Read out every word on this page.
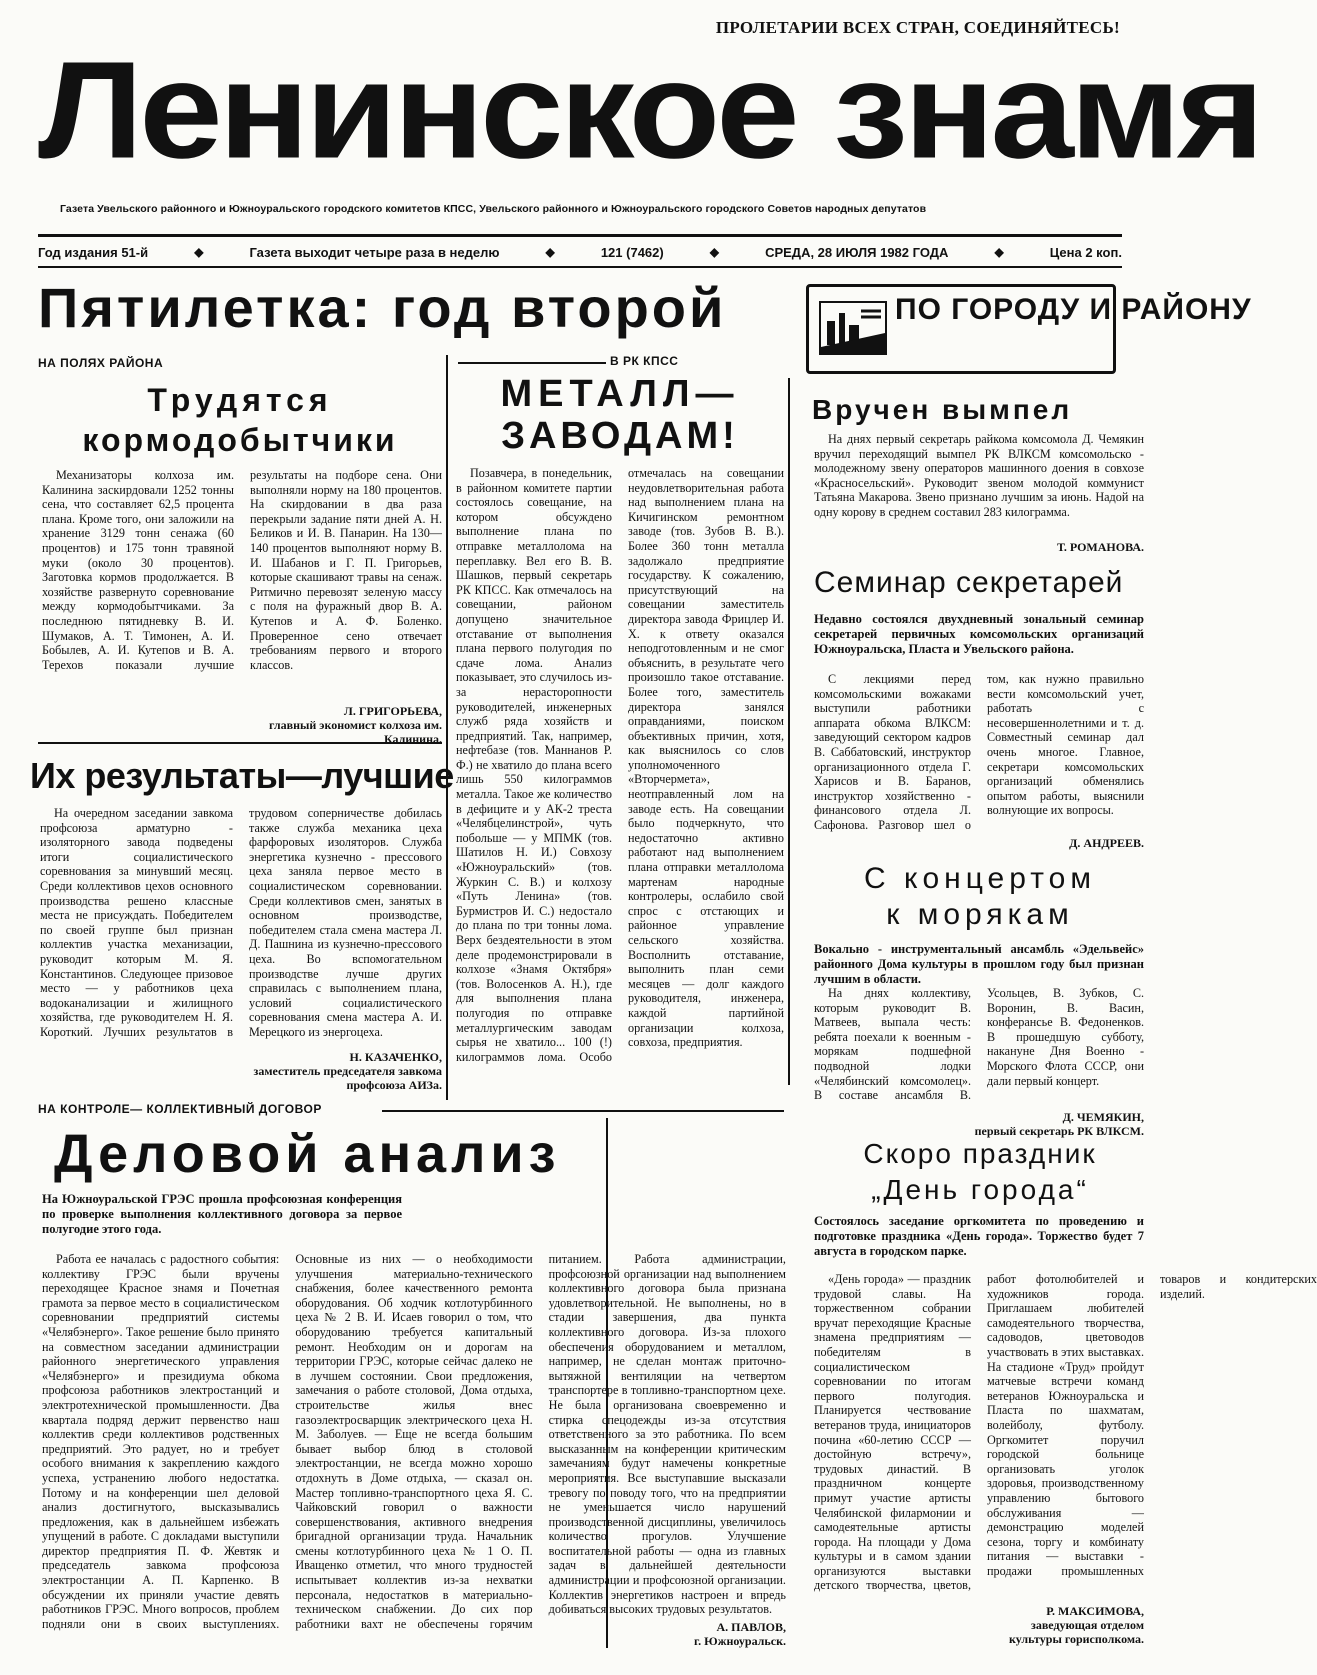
ПРОЛЕТАРИИ ВСЕХ СТРАН, СОЕДИНЯЙТЕСЬ!
Ленинское знамя
Газета Увельского районного и Южноуральского городского комитетов КПСС, Увельского районного и Южноуральского городского Советов народных депутатов
Год издания 51-й	◆	Газета выходит четыре раза в неделю	◆	121 (7462)	◆	СРЕДА, 28 ИЮЛЯ 1982 ГОДА	◆	Цена 2 коп.
Пятилетка: год второй	ПО ГОРОДУ И РАЙОНУ
НА ПОЛЯХ РАЙОНА
Трудятся
кормодобытчики

Механизаторы колхоза им. Калинина заскирдовали 1252 тонны сена, что составляет 62,5 процента плана. Кроме того, они заложили на хранение 3129 тонн сенажа (60 процентов) и 175 тонн травяной муки (около 30 процентов). Заготовка кормов продолжается. В хозяйстве развернуто соревнование между кормодобытчиками. За последнюю пятидневку В. И. Шумаков, А. Т. Тимонен, А. И. Бобылев, А. И. Кутепов и В. А. Терехов показали лучшие результаты на подборе сена. Они выполняли норму на 180 процентов. На скирдовании в два раза перекрыли задание пяти дней А. Н. Беликов и И. В. Панарин. На 130—140 процентов выполняют норму В. И. Шабанов и Г. П. Григорьев, которые скашивают травы на сенаж. Ритмично перевозят зеленую массу с поля на фуражный двор В. А. Кутепов и А. Ф. Боленко. Проверенное сено отвечает требованиям первого и второго классов.

Л. ГРИГОРЬЕВА,
главный экономист колхоза им. Калинина.
Их результаты—лучшие

На очередном заседании завкома профсоюза арматурно - изоляторного завода подведены итоги социалистического соревнования за минувший месяц. Среди коллективов цехов основного производства решено классные места не присуждать. Победителем по своей группе был признан коллектив участка механизации, руководит которым М. Я. Константинов. Следующее призовое место — у работников цеха водоканализации и жилищного хозяйства, где руководителем Н. Я. Короткий. Лучших результатов в трудовом соперничестве добилась также служба механика цеха фарфоровых изоляторов. Служба энергетика кузнечно - прессового цеха заняла первое место в социалистическом соревновании. Среди коллективов смен, занятых в основном производстве, победителем стала смена мастера Л. Д. Пашнина из кузнечно-прессового цеха. Во вспомогательном производстве лучше других справилась с выполнением плана, условий социалистического соревнования смена мастера А. И. Мерецкого из энергоцеха.

Н. КАЗАЧЕНКО,
заместитель председателя завкома профсоюза АИЗа.
В РК КПСС
МЕТАЛЛ—
ЗАВОДАМ!

Позавчера, в понедельник, в районном комитете партии состоялось совещание, на котором обсуждено выполнение плана по отправке металлолома на переплавку. Вел его В. В. Шашков, первый секретарь РК КПСС. Как отмечалось на совещании, районом допущено значительное отставание от выполнения плана первого полугодия по сдаче лома. Анализ показывает, это случилось из-за нерасторопности руководителей, инженерных служб ряда хозяйств и предприятий. Так, например, нефтебазе (тов. Маннанов Р. Ф.) не хватило до плана всего лишь 550 килограммов металла. Такое же количество в дефиците и у АК-2 треста «Челябцелинстрой», чуть побольше — у МПМК (тов. Шатилов Н. И.) Совхозу «Южноуральский» (тов. Журкин С. В.) и колхозу «Путь Ленина» (тов. Бурмистров И. С.) недостало до плана по три тонны лома. Верх бездеятельности в этом деле продемонстрировали в колхозе «Знамя Октября» (тов. Волосенков А. Н.), где для выполнения плана полугодия по отправке металлургическим заводам сырья не хватило... 100 (!) килограммов лома. Особо отмечалась на совещании неудовлетворительная работа над выполнением плана на Кичигинском ремонтном заводе (тов. Зубов В. В.). Более 360 тонн металла задолжало предприятие государству. К сожалению, присутствующий на совещании заместитель директора завода Фрицлер И. Х. к ответу оказался неподготовленным и не смог объяснить, в результате чего произошло такое отставание. Более того, заместитель директора занялся оправданиями, поиском объективных причин, хотя, как выяснилось со слов уполномоченного «Вторчермета», неотправленный лом на заводе есть. На совещании было подчеркнуто, что недостаточно активно работают над выполнением плана отправки металлолома мартенам народные контролеры, ослабило свой спрос с отстающих и районное управление сельского хозяйства. Восполнить отставание, выполнить план семи месяцев — долг каждого руководителя, инженера, каждой партийной организации колхоза, совхоза, предприятия.

Вручен вымпел

На днях первый секретарь райкома комсомола Д. Чемякин вручил переходящий вымпел РК ВЛКСМ комсомольско - молодежному звену операторов машинного доения в совхозе «Красносельский». Руководит звеном молодой коммунист Татьяна Макарова. Звено признано лучшим за июнь. Надой на одну корову в среднем составил 283 килограмма.

Т. РОМАНОВА.
Семинар секретарей
Недавно состоялся двухдневный зональный семинар секретарей первичных комсомольских организаций Южноуральска, Пласта и Увельского района.

С лекциями перед комсомольскими вожаками выступили работники аппарата обкома ВЛКСМ: заведующий сектором кадров В. Саббатовский, инструктор организационного отдела Г. Харисов и В. Баранов, инструктор хозяйственно - финансового отдела Л. Сафонова. Разговор шел о том, как нужно правильно вести комсомольский учет, работать с несовершеннолетними и т. д. Совместный семинар дал очень многое. Главное, секретари комсомольских организаций обменялись опытом работы, выяснили волнующие их вопросы.

Д. АНДРЕЕВ.
С концертом
к морякам
Вокально - инструментальный ансамбль «Эдельвейс» районного Дома культуры в прошлом году был признан лучшим в области.

На днях коллективу, которым руководит В. Матвеев, выпала честь: ребята поехали к военным - морякам подшефной подводной лодки «Челябинский комсомолец». В составе ансамбля В. Усольцев, В. Зубков, С. Воронин, В. Васин, конферансье В. Федоненков. В прошедшую субботу, накануне Дня Военно - Морского Флота СССР, они дали первый концерт.

Д. ЧЕМЯКИН,
первый секретарь РК ВЛКСМ.
НА КОНТРОЛЕ— КОЛЛЕКТИВНЫЙ ДОГОВОР
Деловой анализ
На Южноуральской ГРЭС прошла профсоюзная конференция по проверке выполнения коллективного договора за первое полугодие этого года.

Работа ее началась с радостного события: коллективу ГРЭС были вручены переходящее Красное знамя и Почетная грамота за первое место в социалистическом соревновании предприятий системы «Челябэнерго». Такое решение было принято на совместном заседании администрации районного энергетического управления «Челябэнерго» и президиума обкома профсоюза работников электростанций и электротехнической промышленности. Два квартала подряд держит первенство наш коллектив среди коллективов родственных предприятий. Это радует, но и требует особого внимания к закреплению каждого успеха, устранению любого недостатка. Потому и на конференции шел деловой анализ достигнутого, высказывались предложения, как в дальнейшем избежать упущений в работе. С докладами выступили директор предприятия П. Ф. Жевтяк и председатель завкома профсоюза электростанции А. П. Карпенко. В обсуждении их приняли участие девять работников ГРЭС. Много вопросов, проблем подняли они в своих выступлениях. Основные из них — о необходимости улучшения материально-технического снабжения, более качественного ремонта оборудования. Об ходчик котлотурбинного цеха № 2 В. И. Исаев говорил о том, что оборудованию требуется капитальный ремонт. Необходим он и дорогам на территории ГРЭС, которые сейчас далеко не в лучшем состоянии. Свои предложения, замечания о работе столовой, Дома отдыха, строительстве жилья внес газоэлектросварщик электрического цеха Н. М. Заболуев. — Еще не всегда большим бывает выбор блюд в столовой электростанции, не всегда можно хорошо отдохнуть в Доме отдыха, — сказал он. Мастер топливно-транспортного цеха Я. С. Чайковский говорил о важности совершенствования, активного внедрения бригадной организации труда. Начальник смены котлотурбинного цеха № 1 О. П. Иващенко отметил, что много трудностей испытывает коллектив из-за нехватки персонала, недостатков в материально-техническом снабжении. До сих пор работники вахт не обеспечены горячим питанием. Работа администрации, профсоюзной организации над выполнением коллективного договора была признана удовлетворительной. Не выполнены, но в стадии завершения, два пункта коллективного договора. Из-за плохого обеспечения оборудованием и металлом, например, не сделан монтаж приточно-вытяжной вентиляции на четвертом транспортере в топливно-транспортном цехе. Не была организована своевременно и стирка спецодежды из-за отсутствия ответственного за это работника. По всем высказанным на конференции критическим замечаниям будут намечены конкретные мероприятия. Все выступавшие высказали тревогу по поводу того, что на предприятии не уменьшается число нарушений производственной дисциплины, увеличилось количество прогулов. Улучшение воспитательной работы — одна из главных задач в дальнейшей деятельности администрации и профсоюзной организации. Коллектив энергетиков настроен и впредь добиваться высоких трудовых результатов.

А. ПАВЛОВ,
г. Южноуральск.
Скоро праздник
„День города“
Состоялось заседание оргкомитета по проведению и подготовке праздника «День города». Торжество будет 7 августа в городском парке.

«День города» — праздник трудовой славы. На торжественном собрании вручат переходящие Красные знамена предприятиям — победителям в социалистическом соревновании по итогам первого полугодия. Планируется чествование ветеранов труда, инициаторов почина «60-летию СССР — достойную встречу», трудовых династий. В праздничном концерте примут участие артисты Челябинской филармонии и самодеятельные артисты города. На площади у Дома культуры и в самом здании организуются выставки детского творчества, цветов, работ фотолюбителей и художников города. Приглашаем любителей самодеятельного творчества, садоводов, цветоводов участвовать в этих выставках. На стадионе «Труд» пройдут матчевые встречи команд ветеранов Южноуральска и Пласта по шахматам, волейболу, футболу. Оргкомитет поручил городской больнице организовать уголок здоровья, производственному управлению бытового обслуживания — демонстрацию моделей сезона, торгу и комбинату питания — выставки - продажи промышленных товаров и кондитерских изделий.

Р. МАКСИМОВА,
заведующая отделом культуры горисполкома.
